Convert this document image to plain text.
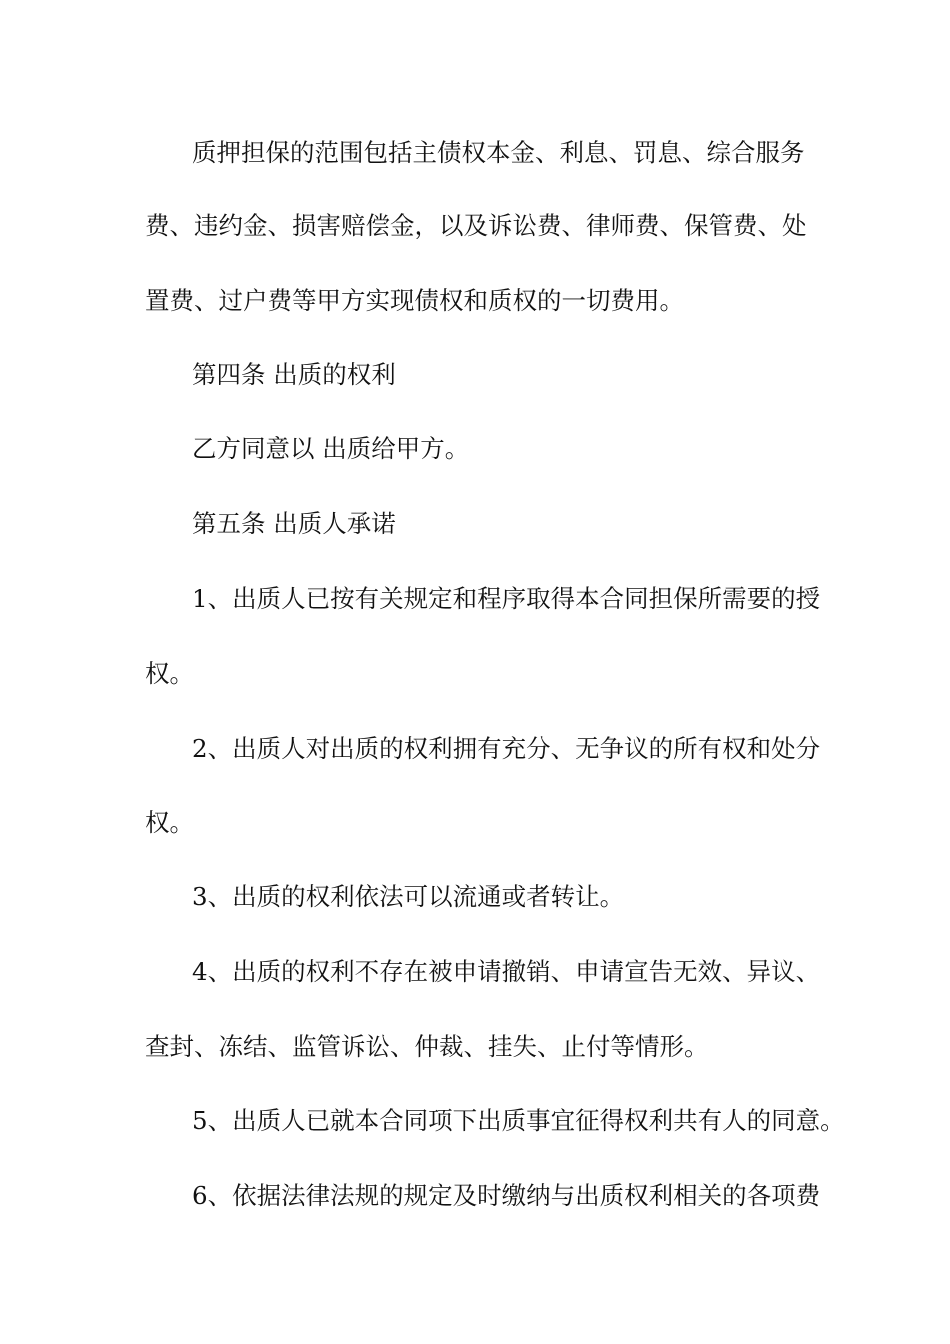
质押担保的范围包括主债权本金、利息、罚息、综合服务
费、违约金、损害赔偿金，以及诉讼费、律师费、保管费、处
置费、过户费等甲方实现债权和质权的一切费用。
第四条 出质的权利
乙方同意以 出质给甲方。
第五条 出质人承诺
1、出质人已按有关规定和程序取得本合同担保所需要的授
权。
2、出质人对出质的权利拥有充分、无争议的所有权和处分
权。
3、出质的权利依法可以流通或者转让。
4、出质的权利不存在被申请撤销、申请宣告无效、异议、
查封、冻结、监管诉讼、仲裁、挂失、止付等情形。
5、出质人已就本合同项下出质事宜征得权利共有人的同意。
6、依据法律法规的规定及时缴纳与出质权利相关的各项费
